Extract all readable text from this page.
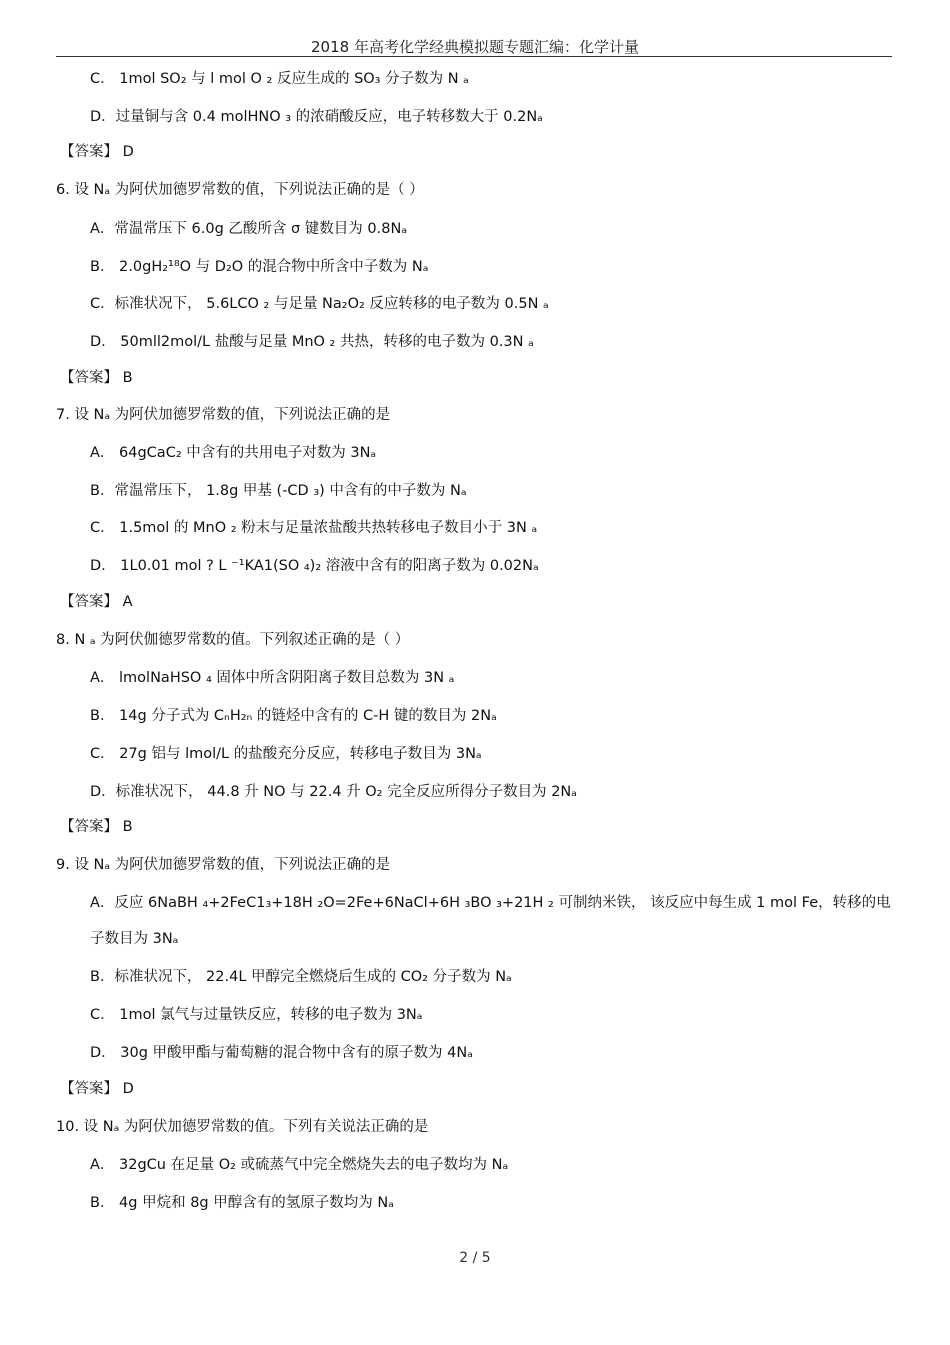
2018 年高考化学经典模拟题专题汇编：化学计量
C． 1mol SO₂ 与 l mol O ₂ 反应生成的 SO₃ 分子数为 N ₐ
D．过量铜与含 0.4 molHNO ₃ 的浓硝酸反应，电子转移数大于 0.2Nₐ
【答案】 D
6. 设 Nₐ 为阿伏加德罗常数的值，下列说法正确的是（ ）
A．常温常压下 6.0g 乙酸所含 σ 键数目为 0.8Nₐ
B． 2.0gH₂¹⁸O 与 D₂O 的混合物中所含中子数为 Nₐ
C．标准状况下， 5.6LCO ₂ 与足量 Na₂O₂ 反应转移的电子数为 0.5N ₐ
D． 50mll2mol/L 盐酸与足量 MnO ₂ 共热，转移的电子数为 0.3N ₐ
【答案】 B
7. 设 Nₐ 为阿伏加德罗常数的值，下列说法正确的是
A． 64gCaC₂ 中含有的共用电子对数为 3Nₐ
B．常温常压下， 1.8g 甲基 (-CD ₃) 中含有的中子数为 Nₐ
C． 1.5mol 的 MnO ₂ 粉末与足量浓盐酸共热转移电子数目小于 3N ₐ
D． 1L0.01 mol ? L ⁻¹KA1(SO ₄)₂ 溶液中含有的阳离子数为 0.02Nₐ
【答案】 A
8. N ₐ 为阿伏伽德罗常数的值。下列叙述正确的是（ ）
A． lmolNaHSO ₄ 固体中所含阴阳离子数目总数为 3N ₐ
B． 14g 分子式为 CₙH₂ₙ 的链烃中含有的 C-H 键的数目为 2Nₐ
C． 27g 铝与 lmol/L 的盐酸充分反应，转移电子数目为 3Nₐ
D．标准状况下， 44.8 升 NO 与 22.4 升 O₂ 完全反应所得分子数目为 2Nₐ
【答案】 B
9. 设 Nₐ 为阿伏加德罗常数的值，下列说法正确的是
A．反应 6NaBH ₄+2FeC1₃+18H ₂O=2Fe+6NaCl+6H ₃BO ₃+21H ₂ 可制纳米铁， 该反应中每生成 1 mol Fe，转移的电
子数目为 3Nₐ
B．标准状况下， 22.4L 甲醇完全燃烧后生成的 CO₂ 分子数为 Nₐ
C． 1mol 氯气与过量铁反应，转移的电子数为 3Nₐ
D． 30g 甲酸甲酯与葡萄糖的混合物中含有的原子数为 4Nₐ
【答案】 D
10. 设 Nₐ 为阿伏加德罗常数的值。下列有关说法正确的是
A． 32gCu 在足量 O₂ 或硫蒸气中完全燃烧失去的电子数均为 Nₐ
B． 4g 甲烷和 8g 甲醇含有的氢原子数均为 Nₐ
2 / 5
